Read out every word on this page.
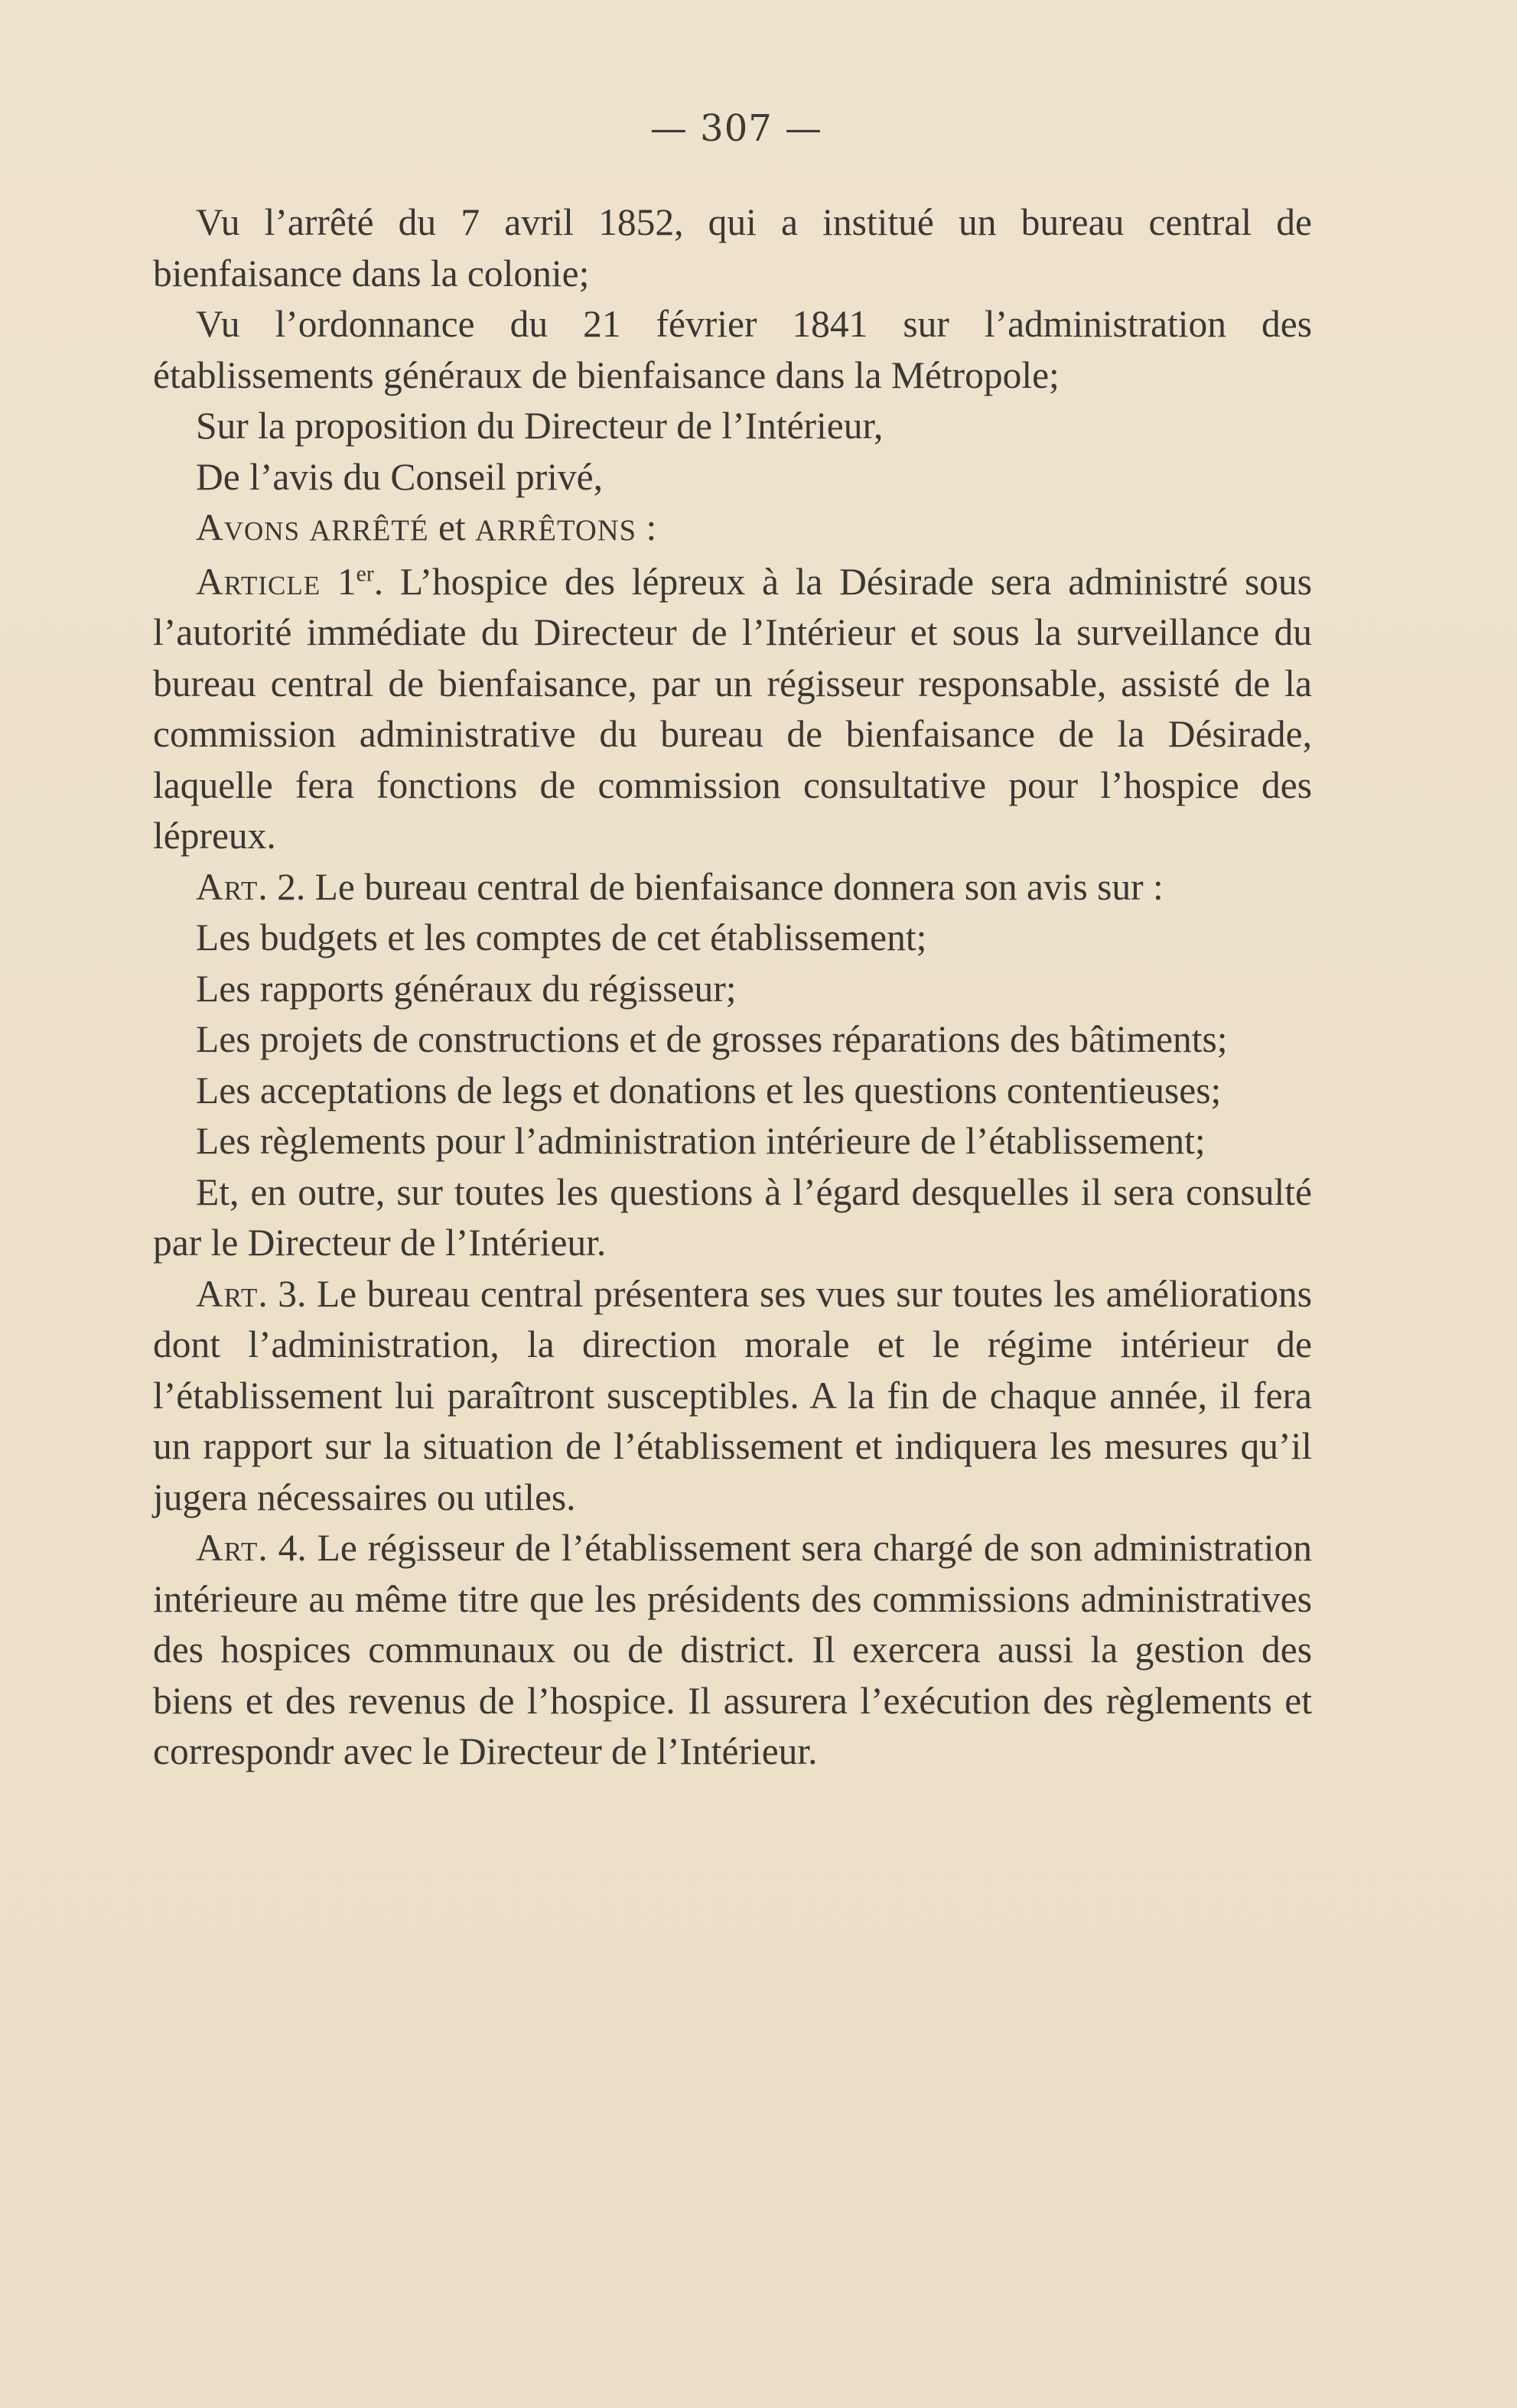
— 307 —

Vu l’arrêté du 7 avril 1852, qui a institué un bureau central de bienfaisance dans la colonie;

Vu l’ordonnance du 21 février 1841 sur l’administration des établissements généraux de bienfaisance dans la Métropole;

Sur la proposition du Directeur de l’Intérieur,

De l’avis du Conseil privé,

Avons ARRÊTÉ et ARRÊTONS :

Article 1er. L’hospice des lépreux à la Désirade sera administré sous l’autorité immédiate du Directeur de l’Intérieur et sous la surveillance du bureau central de bienfaisance, par un régisseur responsable, assisté de la commission administrative du bureau de bienfaisance de la Désirade, laquelle fera fonctions de commission consultative pour l’hospice des lépreux.

Art. 2. Le bureau central de bienfaisance donnera son avis sur :

Les budgets et les comptes de cet établissement;

Les rapports généraux du régisseur;

Les projets de constructions et de grosses réparations des bâtiments;

Les acceptations de legs et donations et les questions contentieuses;

Les règlements pour l’administration intérieure de l’établissement;

Et, en outre, sur toutes les questions à l’égard desquelles il sera consulté par le Directeur de l’Intérieur.

Art. 3. Le bureau central présentera ses vues sur toutes les améliorations dont l’administration, la direction morale et le régime intérieur de l’établissement lui paraîtront susceptibles. A la fin de chaque année, il fera un rapport sur la situation de l’établissement et indiquera les mesures qu’il jugera nécessaires ou utiles.

Art. 4. Le régisseur de l’établissement sera chargé de son administration intérieure au même titre que les présidents des commissions administratives des hospices communaux ou de district. Il exercera aussi la gestion des biens et des revenus de l’hospice. Il assurera l’exécution des règlements et correspondr avec le Directeur de l’Intérieur.
